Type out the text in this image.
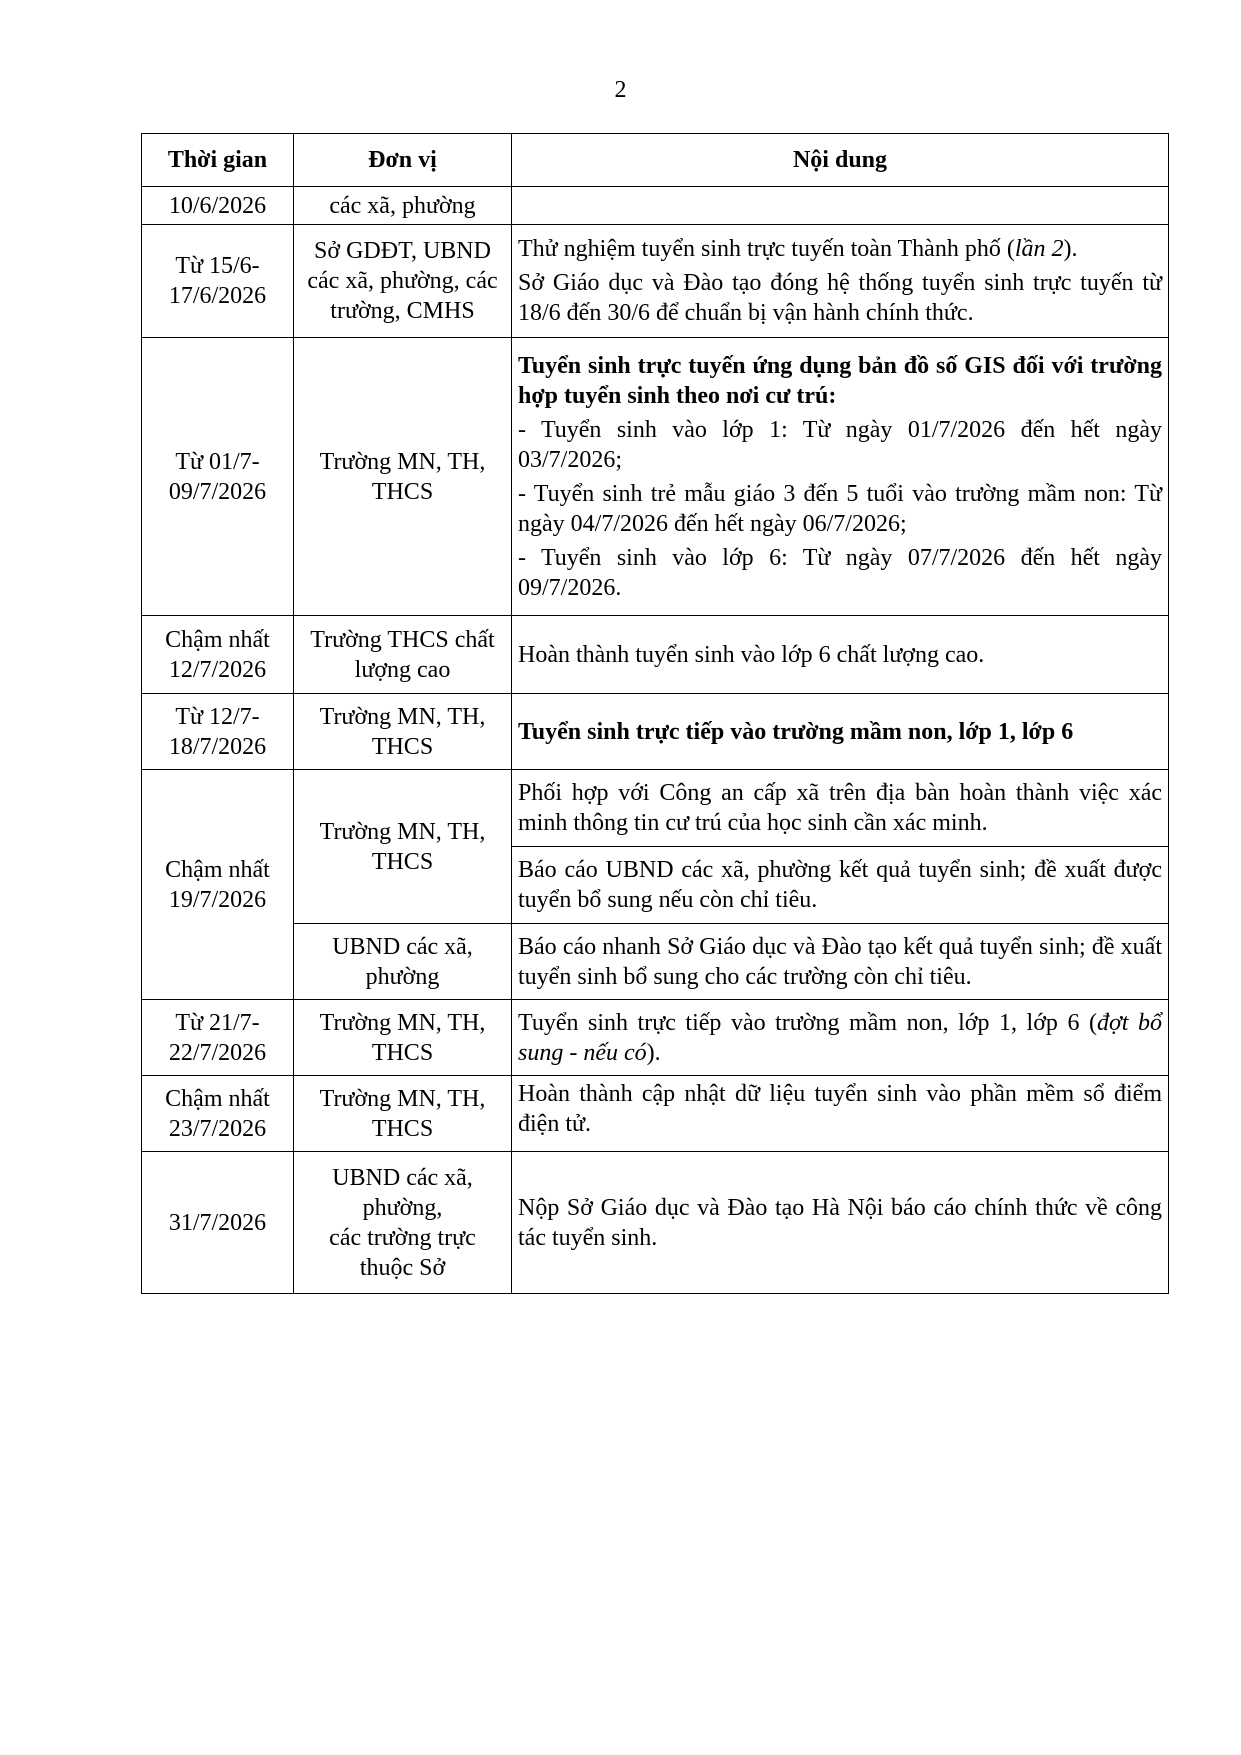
2
Thời gian	Đơn vị	Nội dung
10/6/2026	các xã, phường	
Từ 15/6-17/6/2026	Sở GDĐT, UBND các xã, phường, các trường, CMHS	Thử nghiệm tuyển sinh trực tuyến toàn Thành phố (lần 2).

Sở Giáo dục và Đào tạo đóng hệ thống tuyển sinh trực tuyến từ 18/6 đến 30/6 để chuẩn bị vận hành chính thức.

Từ 01/7-09/7/2026	Trường MN, TH, THCS	Tuyển sinh trực tuyến ứng dụng bản đồ số GIS đối với trường hợp tuyển sinh theo nơi cư trú:

- Tuyển sinh vào lớp 1: Từ ngày 01/7/2026 đến hết ngày 03/7/2026;

- Tuyển sinh trẻ mẫu giáo 3 đến 5 tuổi vào trường mầm non: Từ ngày 04/7/2026 đến hết ngày 06/7/2026;

- Tuyển sinh vào lớp 6: Từ ngày 07/7/2026 đến hết ngày 09/7/2026.

Chậm nhất 12/7/2026	Trường THCS chất lượng cao	Hoàn thành tuyển sinh vào lớp 6 chất lượng cao.
Từ 12/7-18/7/2026	Trường MN, TH, THCS	Tuyển sinh trực tiếp vào trường mầm non, lớp 1, lớp 6
Chậm nhất 19/7/2026	Trường MN, TH, THCS	Phối hợp với Công an cấp xã trên địa bàn hoàn thành việc xác minh thông tin cư trú của học sinh cần xác minh.
		Báo cáo UBND các xã, phường kết quả tuyển sinh; đề xuất được tuyển bổ sung nếu còn chỉ tiêu.
	UBND các xã, phường	Báo cáo nhanh Sở Giáo dục và Đào tạo kết quả tuyển sinh; đề xuất tuyển sinh bổ sung cho các trường còn chỉ tiêu.
Từ 21/7-22/7/2026	Trường MN, TH, THCS	Tuyển sinh trực tiếp vào trường mầm non, lớp 1, lớp 6 (đợt bổ sung - nếu có).
Chậm nhất 23/7/2026	Trường MN, TH, THCS	Hoàn thành cập nhật dữ liệu tuyển sinh vào phần mềm sổ điểm điện tử.
31/7/2026	UBND các xã, phường,
các trường trực thuộc Sở	Nộp Sở Giáo dục và Đào tạo Hà Nội báo cáo chính thức về công tác tuyển sinh.
